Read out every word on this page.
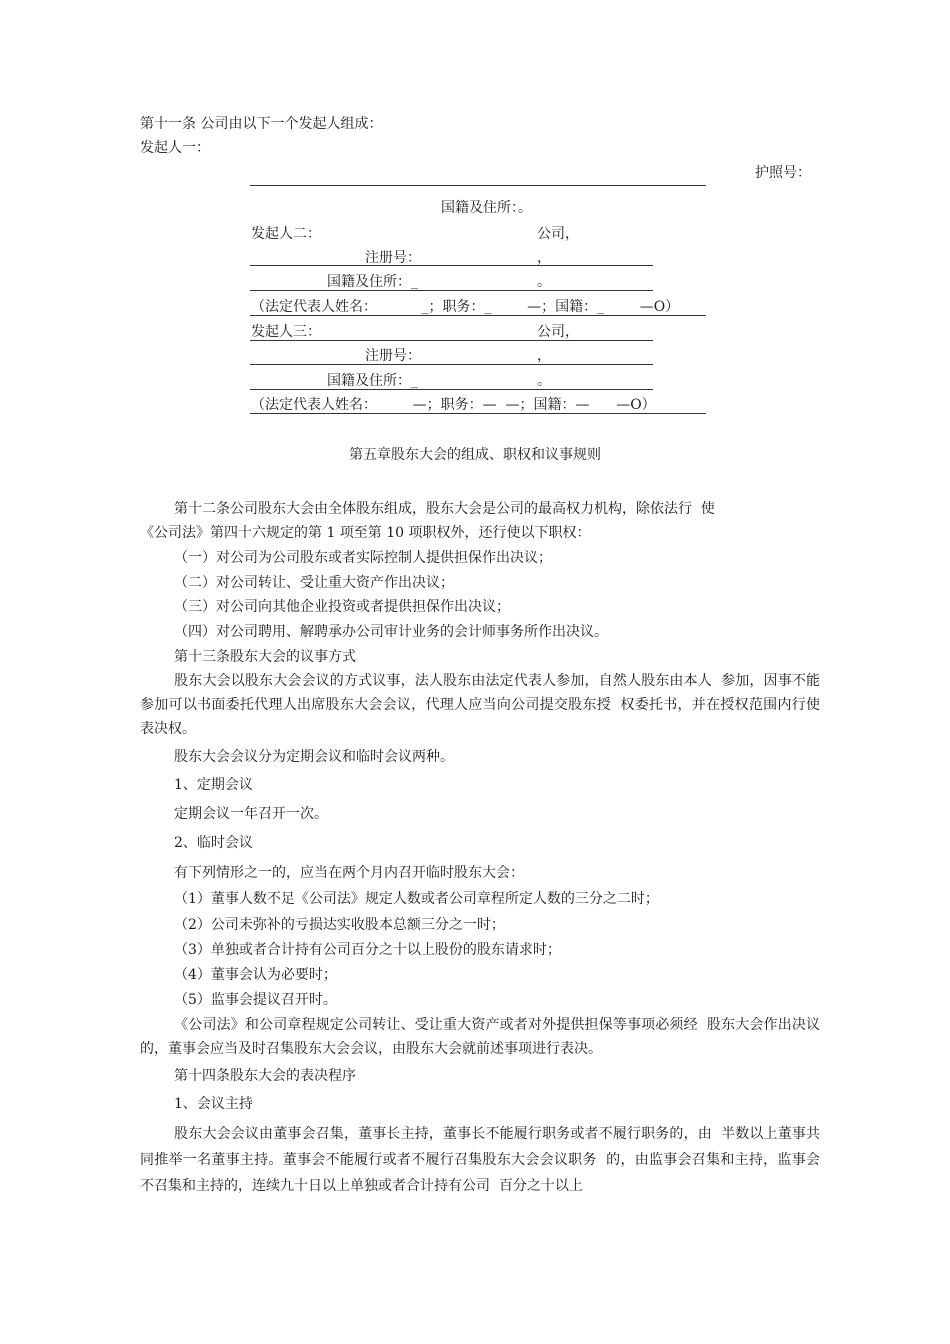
第十一条 公司由以下一个发起人组成：
发起人一：
护照号：
国籍及住所：。
发起人二：	公司，
注册号：	，
国籍及住所：_	。
（法定代表人姓名：          _；职务：_        —；国籍：_        —O）
发起人三：	公司，
注册号：	，
国籍及住所：_	。
（法定代表人姓名：        —；职务：—  —；国籍：—      —O）
第五章股东大会的组成、职权和议事规则
第十二条公司股东大会由全体股东组成，股东大会是公司的最高权力机构，除依法行  使
《公司法》第四十六规定的第 1 项至第 10 项职权外，还行使以下职权：
（一）对公司为公司股东或者实际控制人提供担保作出决议；
（二）对公司转让、受让重大资产作出决议；
（三）对公司向其他企业投资或者提供担保作出决议；
（四）对公司聘用、解聘承办公司审计业务的会计师事务所作出决议。
第十三条股东大会的议事方式
股东大会以股东大会会议的方式议事，法人股东由法定代表人参加，自然人股东由本人  参加，因事不能参加可以书面委托代理人出席股东大会会议，代理人应当向公司提交股东授  权委托书，并在授权范围内行使表决权。
股东大会会议分为定期会议和临时会议两种。
1、定期会议
定期会议一年召开一次。
2、临时会议
有下列情形之一的，应当在两个月内召开临时股东大会：
（1）董事人数不足《公司法》规定人数或者公司章程所定人数的三分之二时；
（2）公司未弥补的亏损达实收股本总额三分之一时；
（3）单独或者合计持有公司百分之十以上股份的股东请求时；
（4）董事会认为必要时；
（5）监事会提议召开时。
《公司法》和公司章程规定公司转让、受让重大资产或者对外提供担保等事项必须经  股东大会作出决议的，董事会应当及时召集股东大会会议，由股东大会就前述事项进行表决。
第十四条股东大会的表决程序
1、会议主持
股东大会会议由董事会召集，董事长主持，董事长不能履行职务或者不履行职务的，由  半数以上董事共同推举一名董事主持。董事会不能履行或者不履行召集股东大会会议职务  的，由监事会召集和主持，监事会不召集和主持的，连续九十日以上单独或者合计持有公司  百分之十以上
